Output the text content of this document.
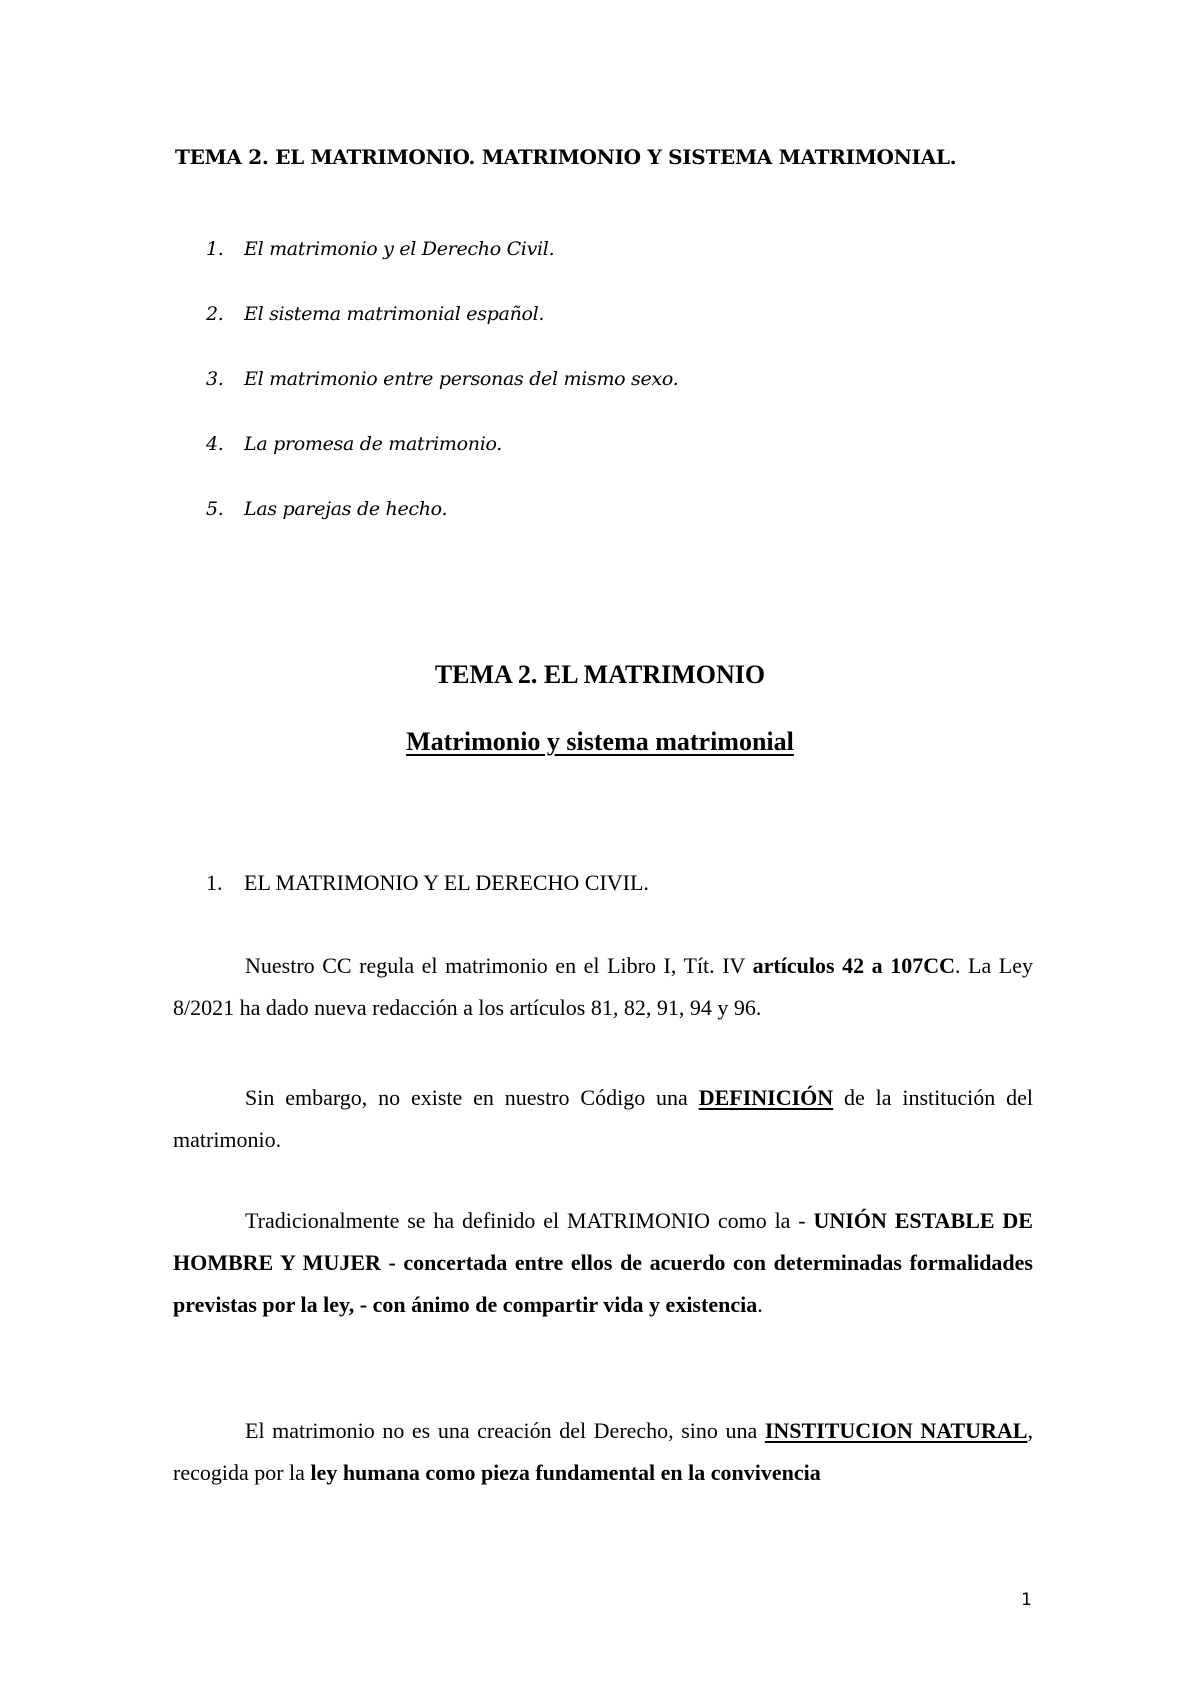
TEMA 2. EL MATRIMONIO. MATRIMONIO Y SISTEMA MATRIMONIAL.
1.	El matrimonio y el Derecho Civil.
2.	El sistema matrimonial español.
3.	El matrimonio entre personas del mismo sexo.
4.	La promesa de matrimonio.
5.	Las parejas de hecho.
TEMA 2. EL MATRIMONIO
Matrimonio y sistema matrimonial
1. EL MATRIMONIO Y EL DERECHO CIVIL.
Nuestro CC regula el matrimonio en el Libro I, Tít. IV artículos 42 a 107CC. La Ley 8/2021 ha dado nueva redacción a los artículos 81, 82, 91, 94 y 96.
Sin embargo, no existe en nuestro Código una DEFINICIÓN de la institución del matrimonio.
Tradicionalmente se ha definido el MATRIMONIO como la - UNIÓN ESTABLE DE HOMBRE Y MUJER - concertada entre ellos de acuerdo con determinadas formalidades previstas por la ley, - con ánimo de compartir vida y existencia.
El matrimonio no es una creación del Derecho, sino una INSTITUCION NATURAL, recogida por la ley humana como pieza fundamental en la convivencia
1
